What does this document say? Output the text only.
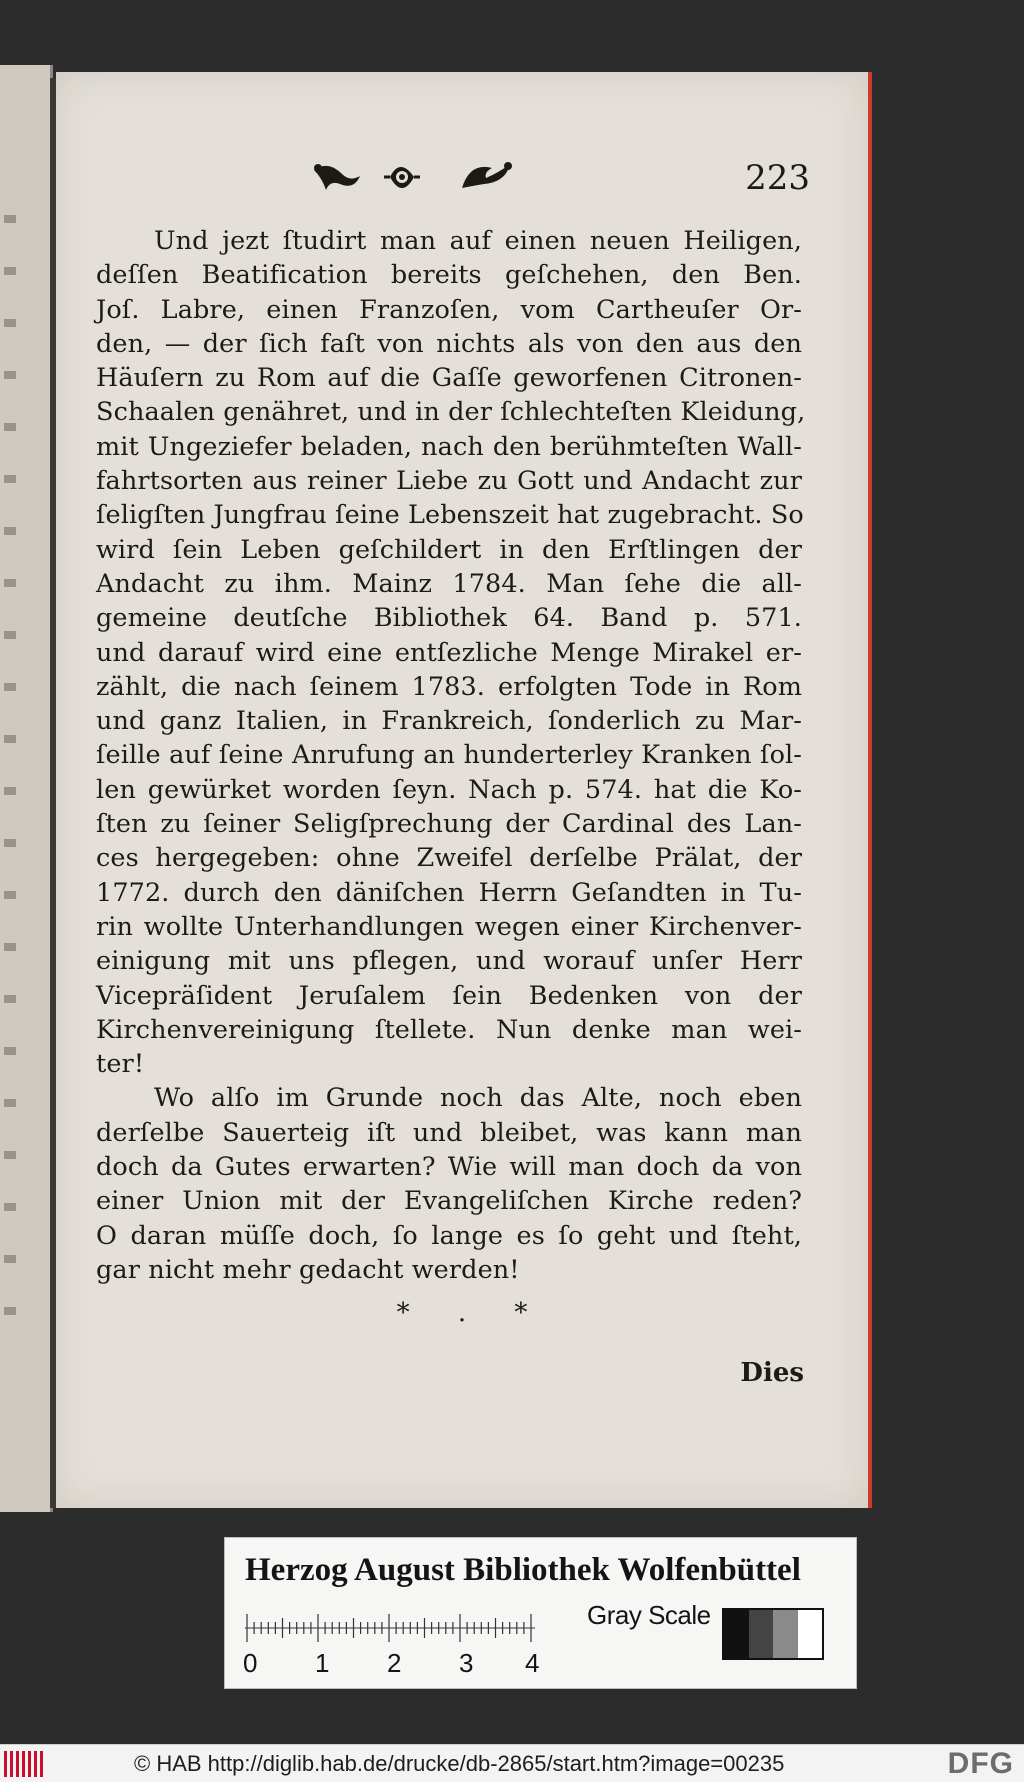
223
Und jezt ſtudirt man auf einen neuen Heiligen,
deſſen Beatification bereits geſchehen, den Ben.
Joſ. Labre, einen Franzoſen, vom Cartheuſer Or-
den, — der ſich faſt von nichts als von den aus den
Häuſern zu Rom auf die Gaſſe geworfenen Citronen-
Schaalen genähret, und in der ſchlechteſten Kleidung,
mit Ungeziefer beladen, nach den berühmteſten Wall-
fahrtsorten aus reiner Liebe zu Gott und Andacht zur
ſeligſten Jungfrau ſeine Lebenszeit hat zugebracht. So
wird ſein Leben geſchildert in den Erſtlingen der
Andacht zu ihm. Mainz 1784. Man ſehe die all-
gemeine deutſche Bibliothek 64. Band p. 571.
und darauf wird eine entſezliche Menge Mirakel er-
zählt, die nach ſeinem 1783. erfolgten Tode in Rom
und ganz Italien, in Frankreich, ſonderlich zu Mar-
ſeille auf ſeine Anrufung an hunderterley Kranken ſol-
len gewürket worden ſeyn. Nach p. 574. hat die Ko-
ſten zu ſeiner Seligſprechung der Cardinal des Lan-
ces hergegeben: ohne Zweifel derſelbe Prälat, der
1772. durch den däniſchen Herrn Geſandten in Tu-
rin wollte Unterhandlungen wegen einer Kirchenver-
einigung mit uns pflegen, und worauf unſer Herr
Vicepräſident Jeruſalem ſein Bedenken von der
Kirchenvereinigung ſtellete. Nun denke man wei-
ter!
Wo alſo im Grunde noch das Alte, noch eben
derſelbe Sauerteig iſt und bleibet, was kann man
doch da Gutes erwarten? Wie will man doch da von
einer Union mit der Evangeliſchen Kirche reden?
O daran müſſe doch, ſo lange es ſo geht und ſteht,
gar nicht mehr gedacht werden!
* . *
Dies
Herzog August Bibliothek Wolfenbüttel
0 1 2 3 4
Gray Scale
© HAB http://diglib.hab.de/drucke/db-2865/start.htm?image=00235	DFG
